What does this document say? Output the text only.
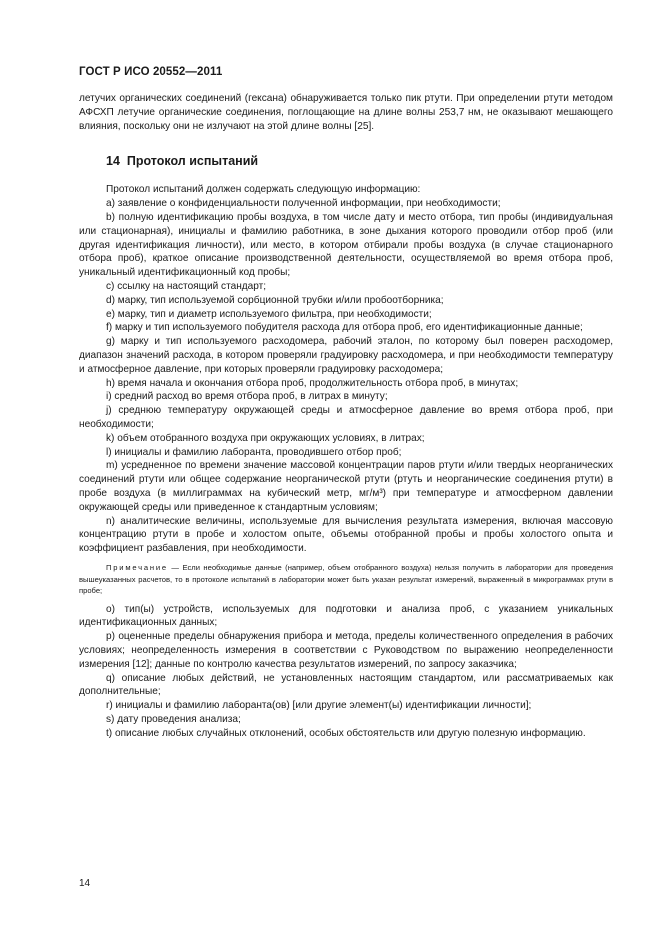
ГОСТ Р ИСО 20552—2011

летучих органических соединений (гексана) обнаруживается только пик ртути. При определении ртути методом АФСХП летучие органические соединения, поглощающие на длине волны 253,7 нм, не оказывают мешающего влияния, поскольку они не излучают на этой длине волны [25].

14 Протокол испытаний

Протокол испытаний должен содержать следующую информацию:

a) заявление о конфиденциальности полученной информации, при необходимости;

b) полную идентификацию пробы воздуха, в том числе дату и место отбора, тип пробы (индивидуальная или стационарная), инициалы и фамилию работника, в зоне дыхания которого проводили отбор проб (или другая идентификация личности), или место, в котором отбирали пробы воздуха (в случае стационарного отбора проб), краткое описание производственной деятельности, осуществляемой во время отбора проб, уникальный идентификационный код пробы;

c) ссылку на настоящий стандарт;

d) марку, тип используемой сорбционной трубки и/или пробоотборника;

e) марку, тип и диаметр используемого фильтра, при необходимости;

f) марку и тип используемого побудителя расхода для отбора проб, его идентификационные данные;

g) марку и тип используемого расходомера, рабочий эталон, по которому был поверен расходомер, диапазон значений расхода, в котором проверяли градуировку расходомера, и при необходимости температуру и атмосферное давление, при которых проверяли градуировку расходомера;

h) время начала и окончания отбора проб, продолжительность отбора проб, в минутах;

i) средний расход во время отбора проб, в литрах в минуту;

j) среднюю температуру окружающей среды и атмосферное давление во время отбора проб, при необходимости;

k) объем отобранного воздуха при окружающих условиях, в литрах;

l) инициалы и фамилию лаборанта, проводившего отбор проб;

m) усредненное по времени значение массовой концентрации паров ртути и/или твердых неорганических соединений ртути или общее содержание неорганической ртути (ртуть и неорганические соединения ртути) в пробе воздуха (в миллиграммах на кубический метр, мг/м³) при температуре и атмосферном давлении окружающей среды или приведенное к стандартным условиям;

n) аналитические величины, используемые для вычисления результата измерения, включая массовую концентрацию ртути в пробе и холостом опыте, объемы отобранной пробы и пробы холостого опыта и коэффициент разбавления, при необходимости.

Примечание — Если необходимые данные (например, объем отобранного воздуха) нельзя получить в лаборатории для проведения вышеуказанных расчетов, то в протоколе испытаний в лаборатории может быть указан результат измерений, выраженный в микрограммах ртути в пробе;

o) тип(ы) устройств, используемых для подготовки и анализа проб, с указанием уникальных идентификационных данных;

p) оцененные пределы обнаружения прибора и метода, пределы количественного определения в рабочих условиях; неопределенность измерения в соответствии с Руководством по выражению неопределенности измерения [12]; данные по контролю качества результатов измерений, по запросу заказчика;

q) описание любых действий, не установленных настоящим стандартом, или рассматриваемых как дополнительные;

r) инициалы и фамилию лаборанта(ов) [или другие элемент(ы) идентификации личности];

s) дату проведения анализа;

t) описание любых случайных отклонений, особых обстоятельств или другую полезную информацию.

14
